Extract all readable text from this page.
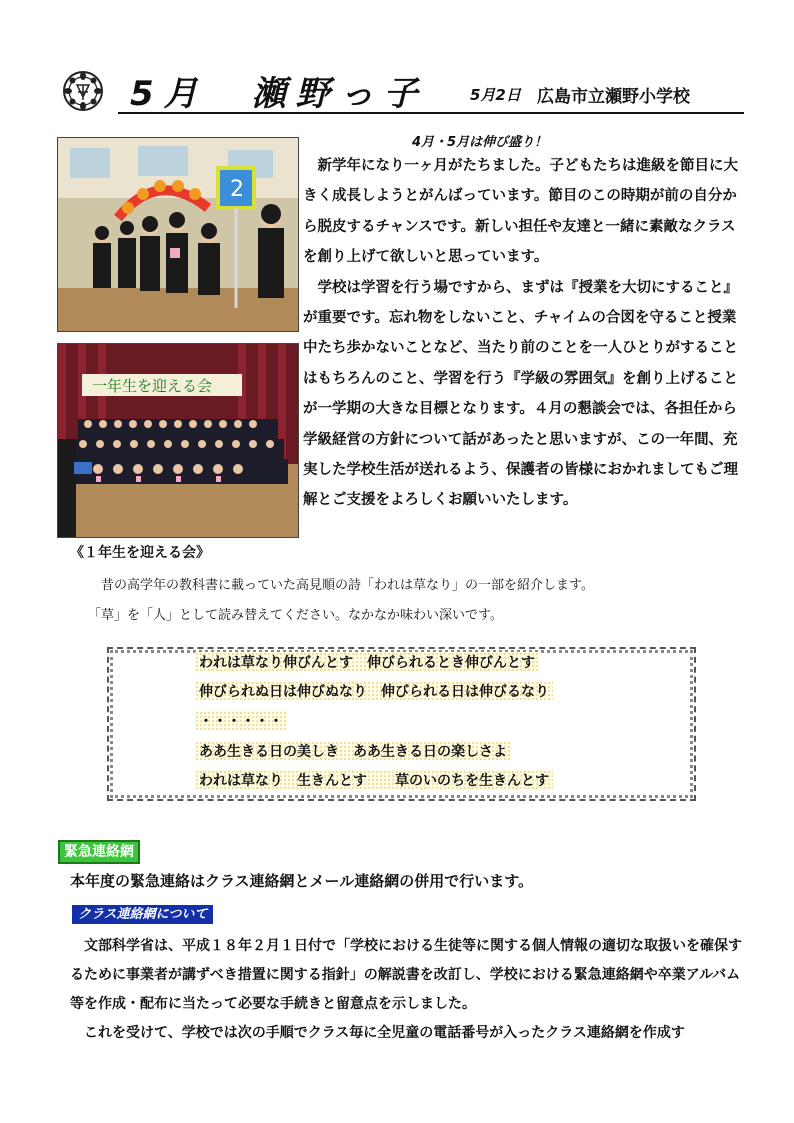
5月　瀬野っ子	5月2日 広島市立瀬野小学校
2
一年生を迎える会
《１年生を迎える会》
4月・5月は伸び盛り！

新学年になり一ヶ月がたちました。子どもたちは進級を節目に大きく成長しようとがんばっています。節目のこの時期が前の自分から脱皮するチャンスです。新しい担任や友達と一緒に素敵なクラスを創り上げて欲しいと思っています。

学校は学習を行う場ですから、まずは『授業を大切にすること』が重要です。忘れ物をしないこと、チャイムの合図を守ること授業中たち歩かないことなど、当たり前のことを一人ひとりがすることはもちろんのこと、学習を行う『学級の雰囲気』を創り上げることが一学期の大きな目標となります。４月の懇談会では、各担任から学級経営の方針について話があったと思いますが、この一年間、充実した学校生活が送れるよう、保護者の皆様におかれましてもご理解とご支援をよろしくお願いいたします。

昔の高学年の教科書に載っていた高見順の詩「われは草なり」の一部を紹介します。

「草」を「人」として読み替えてください。なかなか味わい深いです。

われは草なり伸びんとす　伸びられるとき伸びんとす
伸びられぬ日は伸びぬなり　伸びられる日は伸びるなり
・・・・・・
ああ生きる日の美しき　ああ生きる日の楽しさよ
われは草なり　生きんとす　　草のいのちを生きんとす
緊急連絡網
本年度の緊急連絡はクラス連絡網とメール連絡網の併用で行います。
クラス連絡網について

文部科学省は、平成１８年２月１日付で「学校における生徒等に関する個人情報の適切な取扱いを確保するために事業者が講ずべき措置に関する指針」の解説書を改訂し、学校における緊急連絡網や卒業アルバム等を作成・配布に当たって必要な手続きと留意点を示しました。

これを受けて、学校では次の手順でクラス毎に全児童の電話番号が入ったクラス連絡網を作成す
